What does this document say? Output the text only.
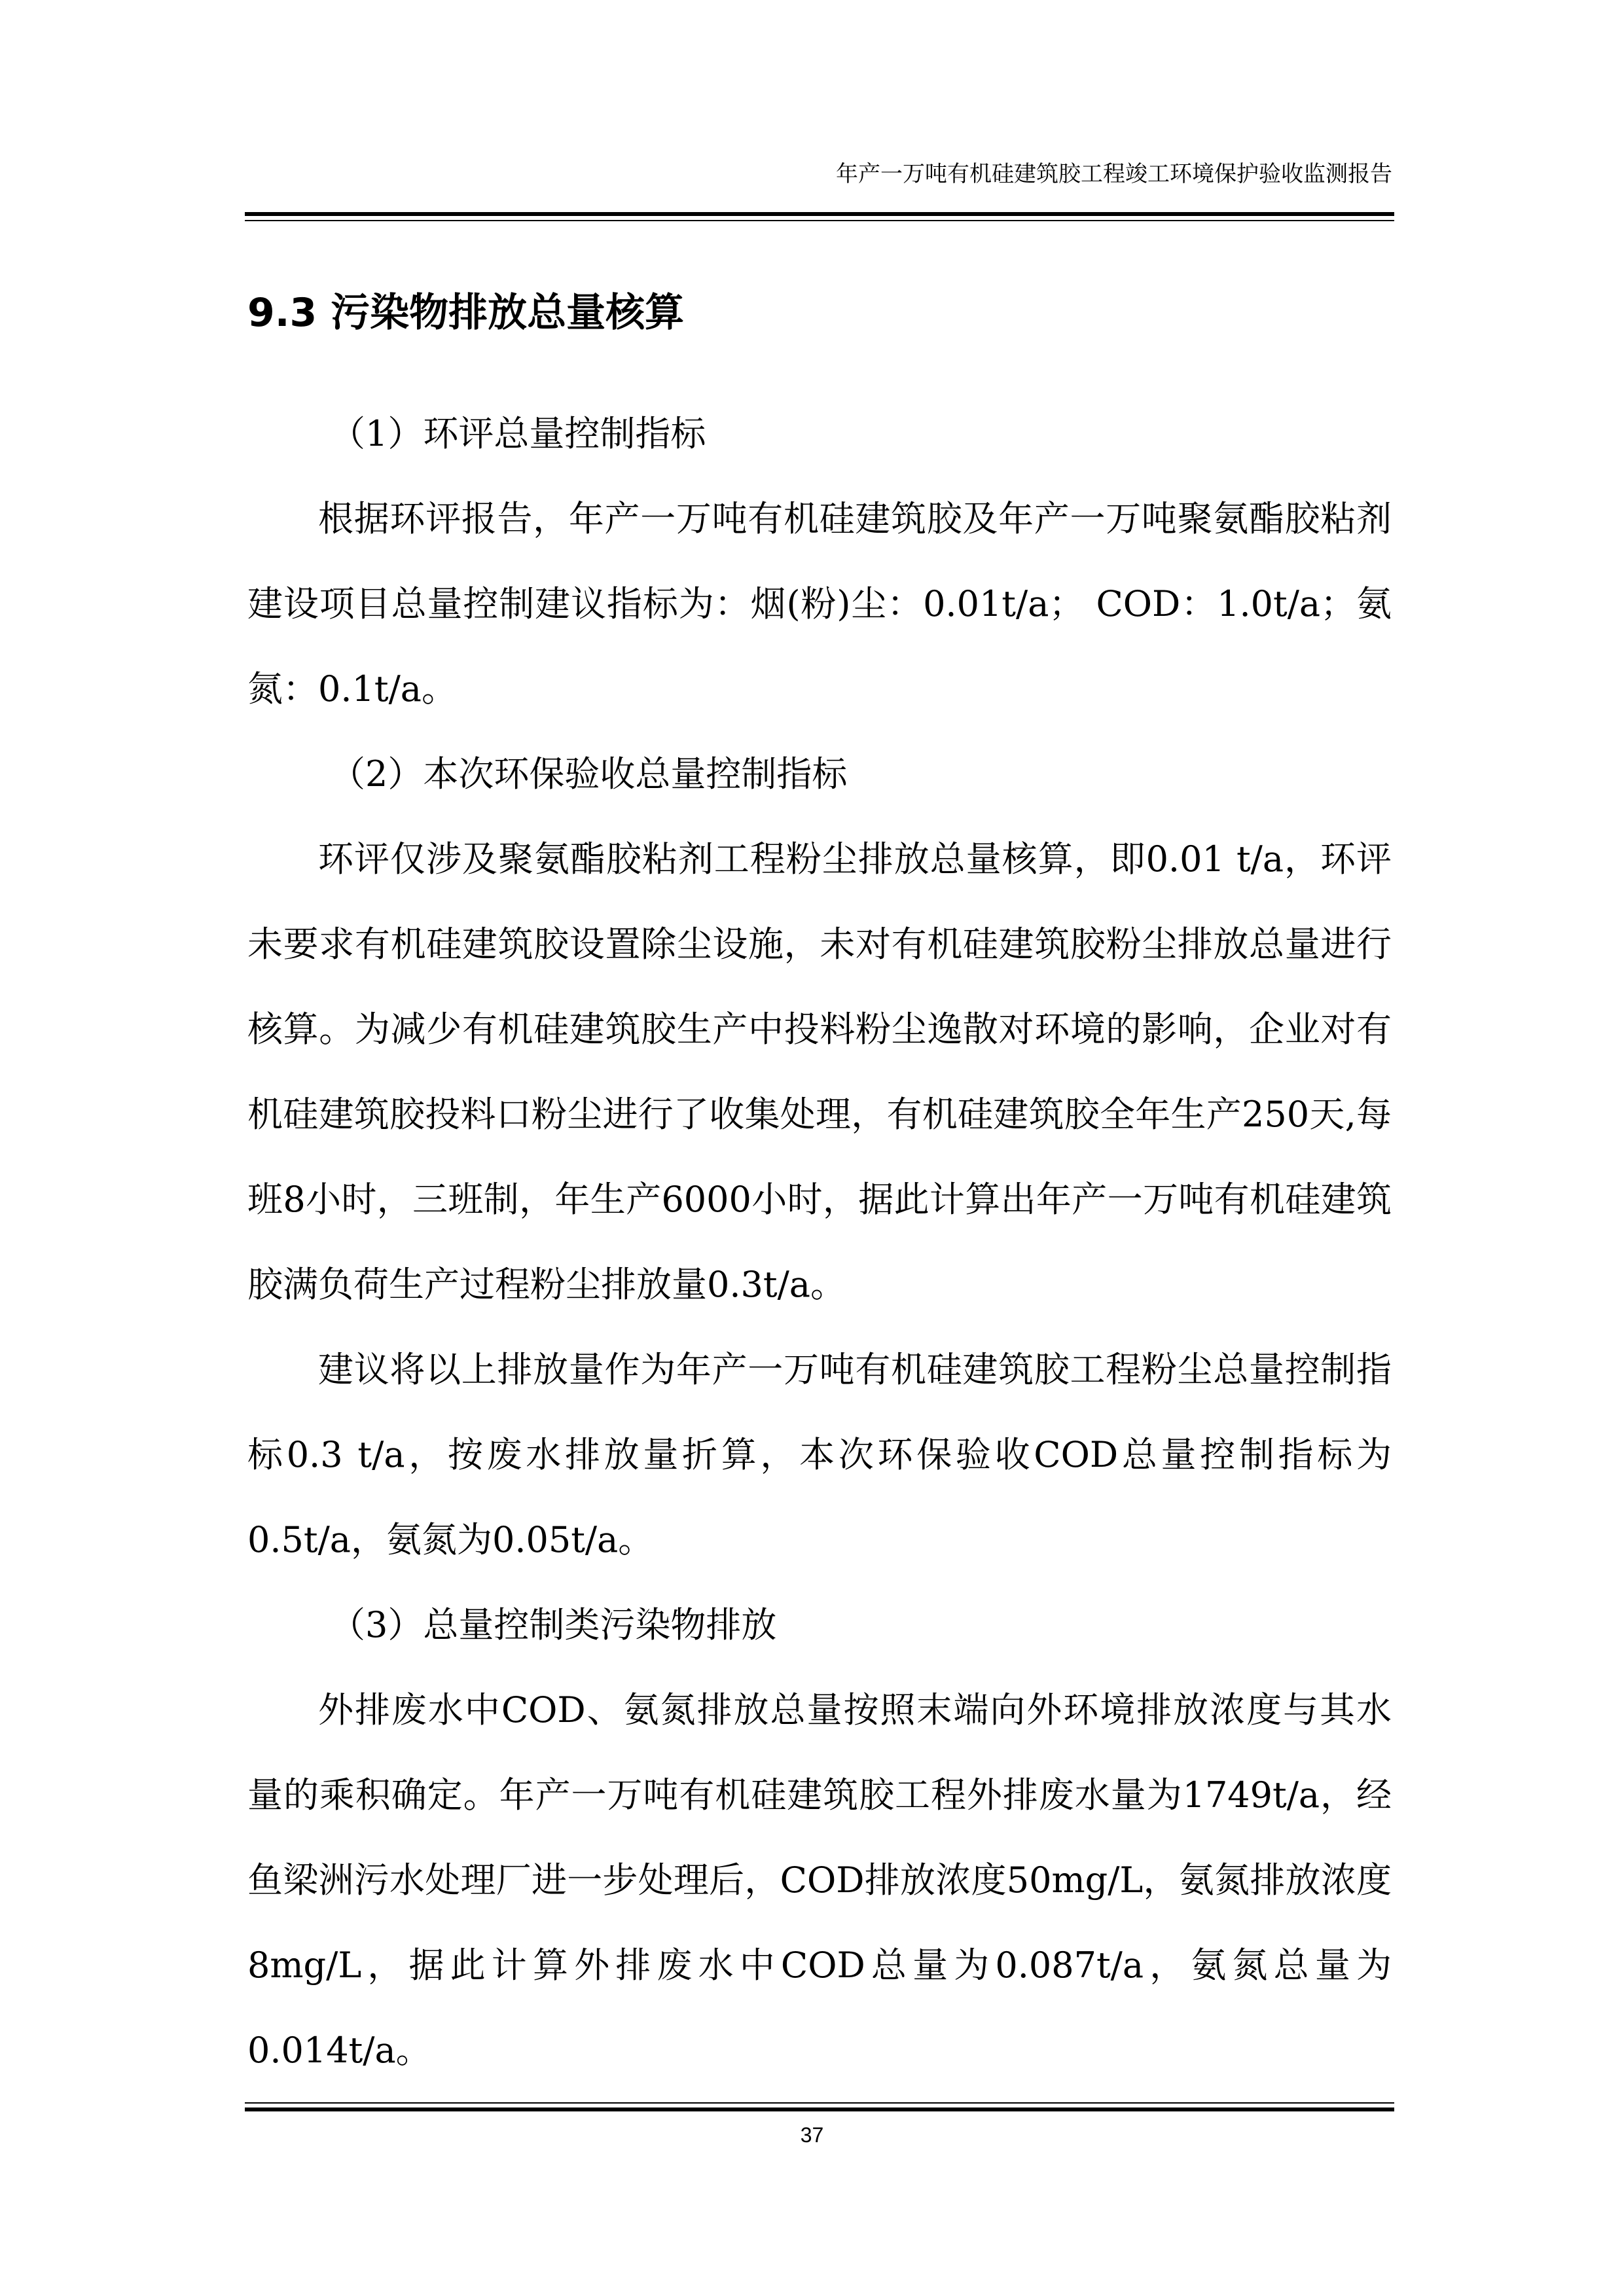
年产一万吨有机硅建筑胶工程竣工环境保护验收监测报告
9.3 污染物排放总量核算

（1）环评总量控制指标

根据环评报告，年产一万吨有机硅建筑胶及年产一万吨聚氨酯胶粘剂建设项目总量控制建议指标为：烟(粉)尘：0.01t/a； COD：1.0t/a；氨氮：0.1t/a。

（2）本次环保验收总量控制指标

环评仅涉及聚氨酯胶粘剂工程粉尘排放总量核算，即0.01 t/a，环评未要求有机硅建筑胶设置除尘设施，未对有机硅建筑胶粉尘排放总量进行核算。为减少有机硅建筑胶生产中投料粉尘逸散对环境的影响，企业对有机硅建筑胶投料口粉尘进行了收集处理，有机硅建筑胶全年生产250天,每班8小时，三班制，年生产6000小时，据此计算出年产一万吨有机硅建筑胶满负荷生产过程粉尘排放量0.3t/a。

建议将以上排放量作为年产一万吨有机硅建筑胶工程粉尘总量控制指标0.3 t/a，按废水排放量折算，本次环保验收COD总量控制指标为0.5t/a，氨氮为0.05t/a。

（3）总量控制类污染物排放

外排废水中COD、氨氮排放总量按照末端向外环境排放浓度与其水量的乘积确定。年产一万吨有机硅建筑胶工程外排废水量为1749t/a，经鱼梁洲污水处理厂进一步处理后，COD排放浓度50mg/L，氨氮排放浓度8mg/L，据此计算外排废水中COD总量为0.087t/a，氨氮总量为0.014t/a。

37
